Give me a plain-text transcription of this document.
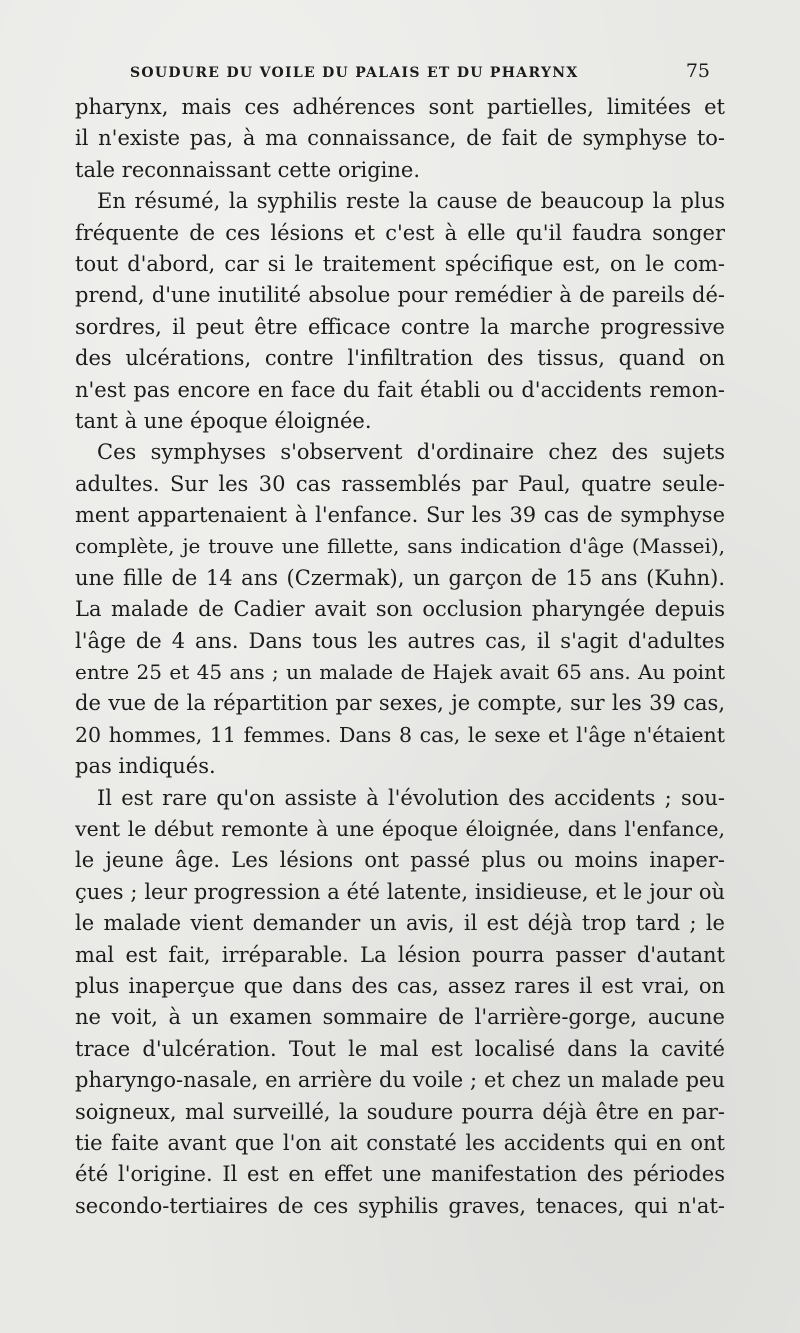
SOUDURE DU VOILE DU PALAIS ET DU PHARYNX	75
pharynx, mais ces adhérences sont partielles, limitées et
il n'existe pas, à ma connaissance, de fait de symphyse to-
tale reconnaissant cette origine.
En résumé, la syphilis reste la cause de beaucoup la plus
fréquente de ces lésions et c'est à elle qu'il faudra songer
tout d'abord, car si le traitement spécifique est, on le com-
prend, d'une inutilité absolue pour remédier à de pareils dé-
sordres, il peut être efficace contre la marche progressive
des ulcérations, contre l'infiltration des tissus, quand on
n'est pas encore en face du fait établi ou d'accidents remon-
tant à une époque éloignée.
Ces symphyses s'observent d'ordinaire chez des sujets
adultes. Sur les 30 cas rassemblés par Paul, quatre seule-
ment appartenaient à l'enfance. Sur les 39 cas de symphyse
complète, je trouve une fillette, sans indication d'âge (Massei),
une fille de 14 ans (Czermak), un garçon de 15 ans (Kuhn).
La malade de Cadier avait son occlusion pharyngée depuis
l'âge de 4 ans. Dans tous les autres cas, il s'agit d'adultes
entre 25 et 45 ans ; un malade de Hajek avait 65 ans. Au point
de vue de la répartition par sexes, je compte, sur les 39 cas,
20 hommes, 11 femmes. Dans 8 cas, le sexe et l'âge n'étaient
pas indiqués.
Il est rare qu'on assiste à l'évolution des accidents ; sou-
vent le début remonte à une époque éloignée, dans l'enfance,
le jeune âge. Les lésions ont passé plus ou moins inaper-
çues ; leur progression a été latente, insidieuse, et le jour où
le malade vient demander un avis, il est déjà trop tard ; le
mal est fait, irréparable. La lésion pourra passer d'autant
plus inaperçue que dans des cas, assez rares il est vrai, on
ne voit, à un examen sommaire de l'arrière-gorge, aucune
trace d'ulcération. Tout le mal est localisé dans la cavité
pharyngo-nasale, en arrière du voile ; et chez un malade peu
soigneux, mal surveillé, la soudure pourra déjà être en par-
tie faite avant que l'on ait constaté les accidents qui en ont
été l'origine. Il est en effet une manifestation des périodes
secondo-tertiaires de ces syphilis graves, tenaces, qui n'at-
